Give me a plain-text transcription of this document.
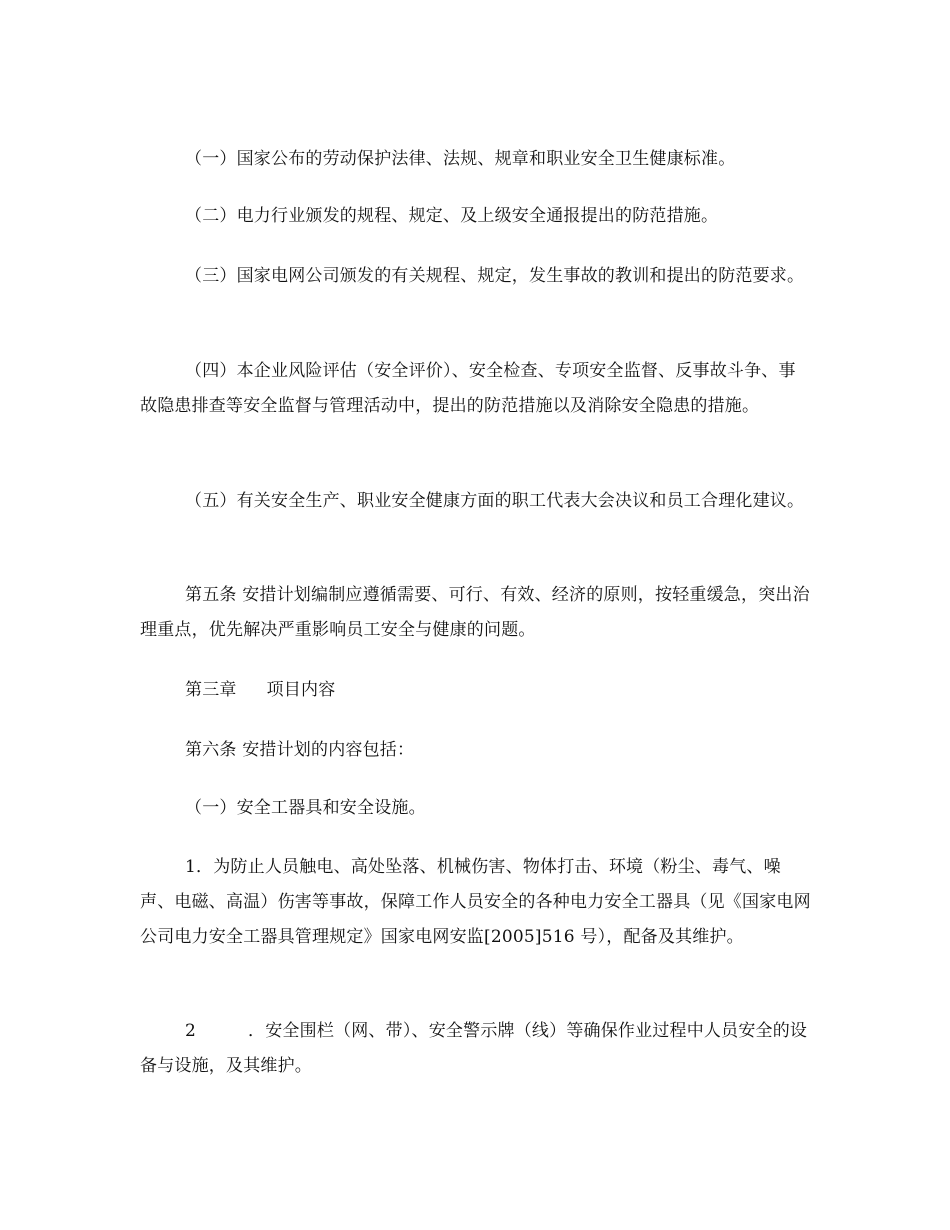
（一）国家公布的劳动保护法律、法规、规章和职业安全卫生健康标准。

（二）电力行业颁发的规程、规定、及上级安全通报提出的防范措施。

（三）国家电网公司颁发的有关规程、规定，发生事故的教训和提出的防范要求。

（四）本企业风险评估（安全评价）、安全检查、专项安全监督、反事故斗争、事故隐患排查等安全监督与管理活动中，提出的防范措施以及消除安全隐患的措施。

（五）有关安全生产、职业安全健康方面的职工代表大会决议和员工合理化建议。

第五条 安措计划编制应遵循需要、可行、有效、经济的原则，按轻重缓急，突出治理重点，优先解决严重影响员工安全与健康的问题。

第三章 项目内容

第六条 安措计划的内容包括：

（一）安全工器具和安全设施。

1．为防止人员触电、高处坠落、机械伤害、物体打击、环境（粉尘、毒气、噪声、电磁、高温）伤害等事故，保障工作人员安全的各种电力安全工器具（见《国家电网公司电力安全工器具管理规定》国家电网安监[2005]516 号），配备及其维护。

2	．安全围栏（网、带）、安全警示牌（线）等确保作业过程中人员安全的设备与设施，及其维护。
